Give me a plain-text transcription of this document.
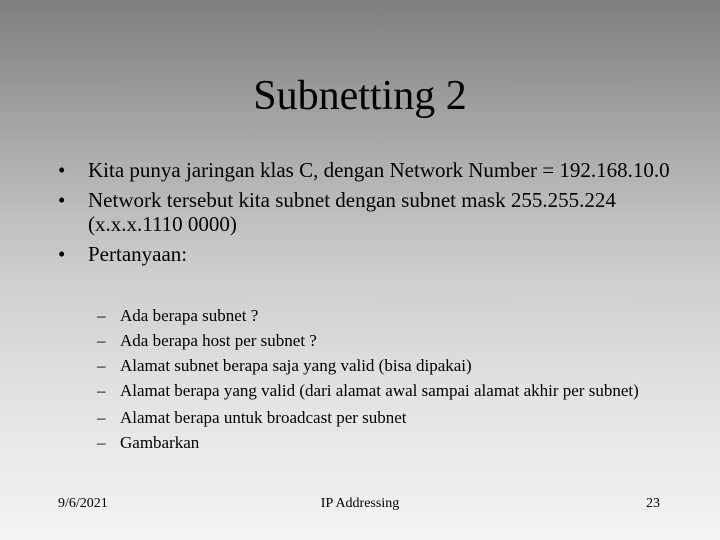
Subnetting 2
• Kita punya jaringan klas C, dengan Network Number = 192.168.10.0
• Network tersebut kita subnet dengan subnet mask 255.255.224 (x.x.x.1110 0000)
• Pertanyaan:
– Ada berapa subnet ?
– Ada berapa host per subnet ?
– Alamat subnet berapa saja yang valid (bisa dipakai)
– Alamat berapa yang valid (dari alamat awal sampai alamat akhir per subnet)
– Alamat berapa untuk broadcast per subnet
– Gambarkan
9/6/2021	IP Addressing	23
